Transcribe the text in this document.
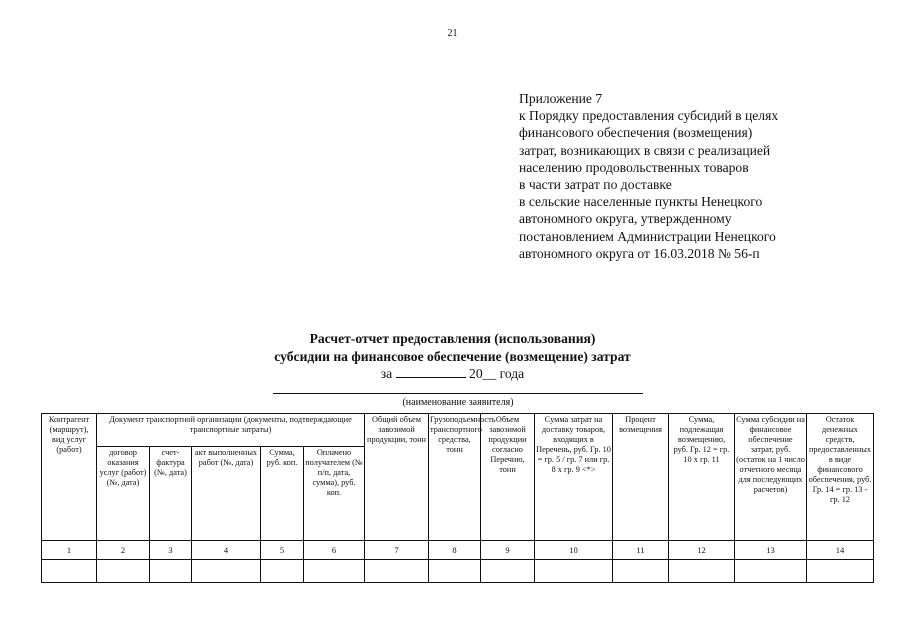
21
Приложение 7
к Порядку предоставления субсидий в целях
финансового обеспечения (возмещения)
затрат, возникающих в связи с реализацией
населению продовольственных товаров
в части затрат по доставке
в сельские населенные пункты Ненецкого
автономного округа, утвержденному
постановлением Администрации Ненецкого
автономного округа от 16.03.2018 № 56-п
Расчет-отчет предоставления (использования)
субсидии на финансовое обеспечение (возмещение) затрат
за	20__ года
(наименование заявителя)
Контрагент (маршрут), вид услуг (работ)	Документ транспортной организации (документы, подтверждающие транспортные затраты)					Общий объем завозимой продукции, тонн	Грузоподъемность транспортного средства, тонн	Объем завозимой продукции согласно Перечню, тонн	Сумма затрат на доставку товаров, входящих в Перечень, руб. Гр. 10 = гр. 5 / гр. 7 или гр. 8 x гр. 9 <*>	Процент возмещения	Сумма, подлежащая возмещению, руб. Гр. 12 = гр. 10 x гр. 11	Сумма субсидии на финансовое обеспечение затрат, руб. (остаток на 1 число отчетного месяца для последующих расчетов)	Остаток денежных средств, предоставленных в виде финансового обеспечения, руб. Гр. 14 = гр. 13 - гр. 12
	договор оказания услуг (работ) (№, дата)	счет-фактура (№, дата)	акт выполненных работ (№, дата)	Сумма, руб. коп.	Оплачено получателем (№ п/п, дата, сумма), руб. коп.								
1	2	3	4	5	6	7	8	9	10	11	12	13	14
